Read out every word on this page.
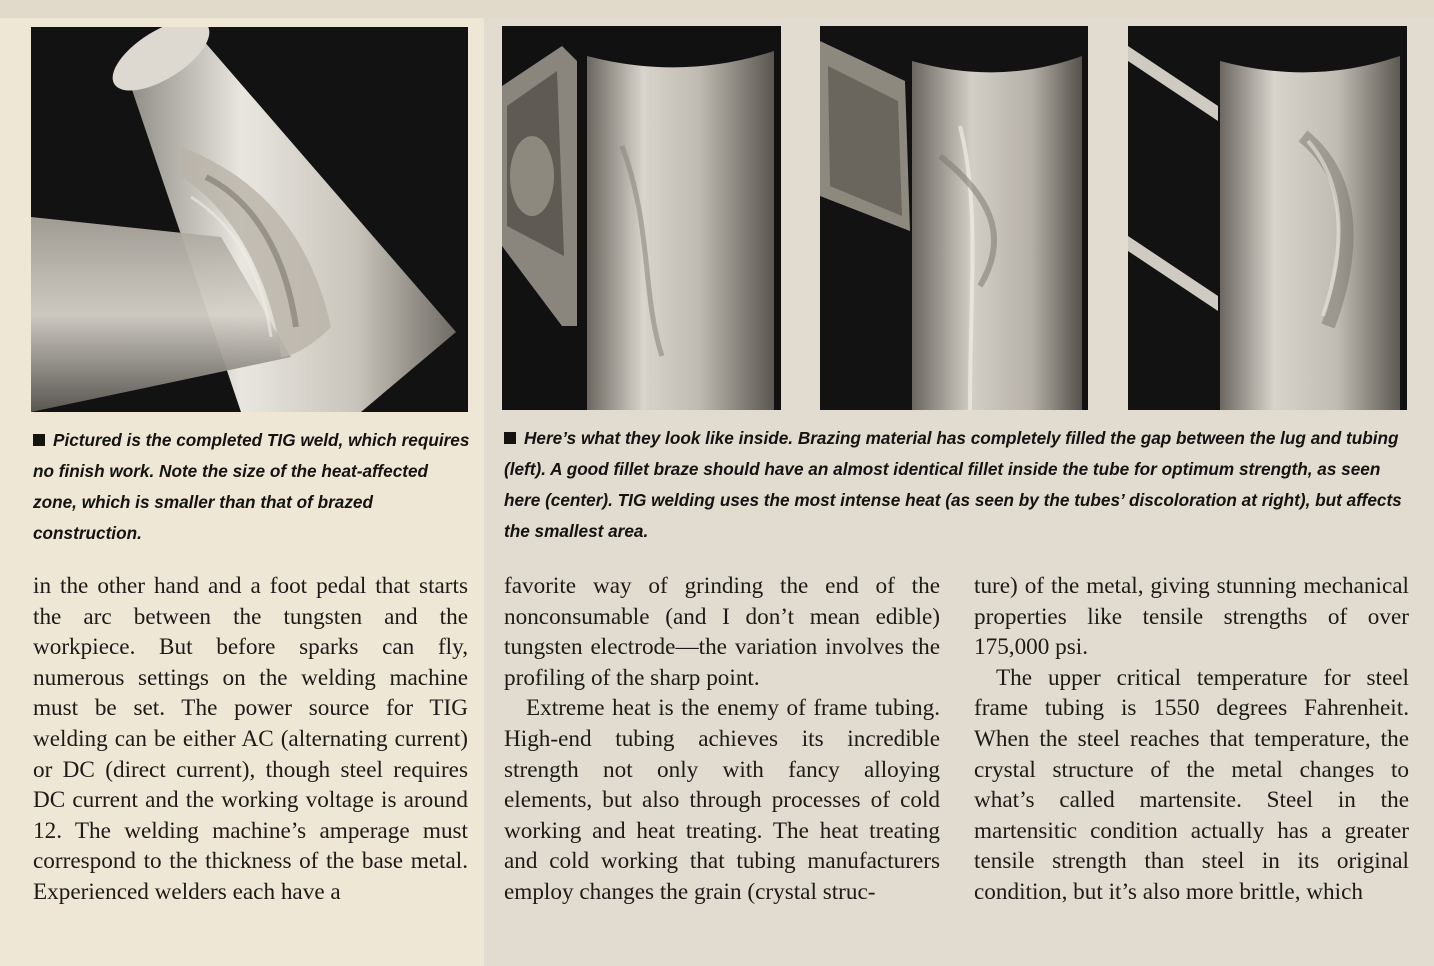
Pictured is the completed TIG weld, which requires no finish work. Note the size of the heat-affected zone, which is smaller than that of brazed construction.

Here’s what they look like inside. Brazing material has completely filled the gap between the lug and tubing (left). A good fillet braze should have an almost identical fillet inside the tube for optimum strength, as seen here (center). TIG welding uses the most intense heat (as seen by the tubes’ discoloration at right), but affects the smallest area.

in the other hand and a foot pedal that starts the arc between the tungsten and the workpiece. But before sparks can fly, numerous settings on the welding machine must be set. The power source for TIG welding can be either AC (alternating current) or DC (direct current), though steel requires DC current and the working voltage is around 12. The welding machine’s amperage must correspond to the thickness of the base metal. Experienced welders each have a

favorite way of grinding the end of the nonconsumable (and I don’t mean edible) tungsten electrode—the variation involves the profiling of the sharp point.

Extreme heat is the enemy of frame tubing. High-end tubing achieves its incredible strength not only with fancy alloying elements, but also through processes of cold working and heat treating. The heat treating and cold working that tubing manufacturers employ changes the grain (crystal struc-

ture) of the metal, giving stunning mechanical properties like tensile strengths of over 175,000 psi.

The upper critical temperature for steel frame tubing is 1550 degrees Fahrenheit. When the steel reaches that temperature, the crystal structure of the metal changes to what’s called martensite. Steel in the martensitic condition actually has a greater tensile strength than steel in its original condition, but it’s also more brittle, which
